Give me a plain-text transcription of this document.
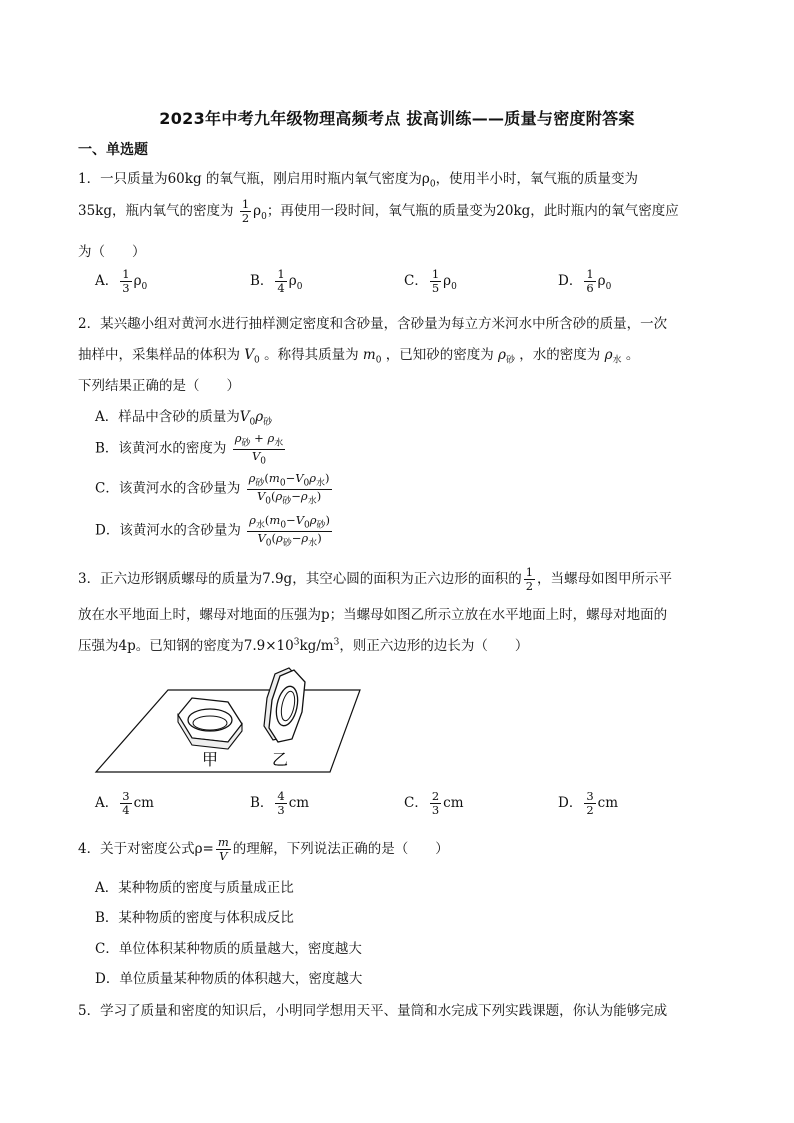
2023年中考九年级物理高频考点 拔高训练——质量与密度附答案
一、单选题
1．一只质量为60kg 的氧气瓶，刚启用时瓶内氧气密度为$\rho_0$，使用半小时，氧气瓶的质量变为
35kg，瓶内氧气的密度为 $\frac{1}{2} \rho_0$；再使用一段时间，氧气瓶的质量变为20kg，此时瓶内的氧气密度应
为（　　）
A． $\frac{1}{3} \rho_0$	B． $\frac{1}{4} \rho_0$	C． $\frac{1}{5} \rho_0$	D． $\frac{1}{6} \rho_0$
2．某兴趣小组对黄河水进行抽样测定密度和含砂量，含砂量为每立方米河水中所含砂的质量，一次
抽样中，采集样品的体积为 $V_0$ 。称得其质量为 $m_0$ ，已知砂的密度为 $\rho_砂$ ，水的密度为 $\rho_水$ 。
下列结果正确的是（　　）
A．样品中含砂的质量为$V_0\rho_砂$
B．该黄河水的密度为 $\frac{\rho_砂 + \rho_水}{V_0}$
C．该黄河水的含砂量为 $\frac{\rho_砂(m_0-V_0\rho_水)}{V_0(\rho_砂-\rho_水)}$
D．该黄河水的含砂量为 $\frac{\rho_水(m_0-V_0\rho_砂)}{V_0(\rho_砂-\rho_水)}$
3．正六边形钢质螺母的质量为7.9g，其空心圆的面积为正六边形的面积的 $\frac{1}{2}$ ，当螺母如图甲所示平
放在水平地面上时，螺母对地面的压强为p；当螺母如图乙所示立放在水平地面上时，螺母对地面的
压强为4p。已知钢的密度为$7.9\times 10^3kg/m^3$，则正六边形的边长为（　　）
甲	乙
A． $\frac{3}{4}$ cm	B． $\frac{4}{3}$ cm	C． $\frac{2}{3}$ cm	D． $\frac{3}{2}$ cm
4．关于对密度公式$\rho= \frac{m}{V}$ 的理解，下列说法正确的是（　　）
A．某种物质的密度与质量成正比
B．某种物质的密度与体积成反比
C．单位体积某种物质的质量越大，密度越大
D．单位质量某种物质的体积越大，密度越大
5．学习了质量和密度的知识后，小明同学想用天平、量筒和水完成下列实践课题，你认为能够完成
